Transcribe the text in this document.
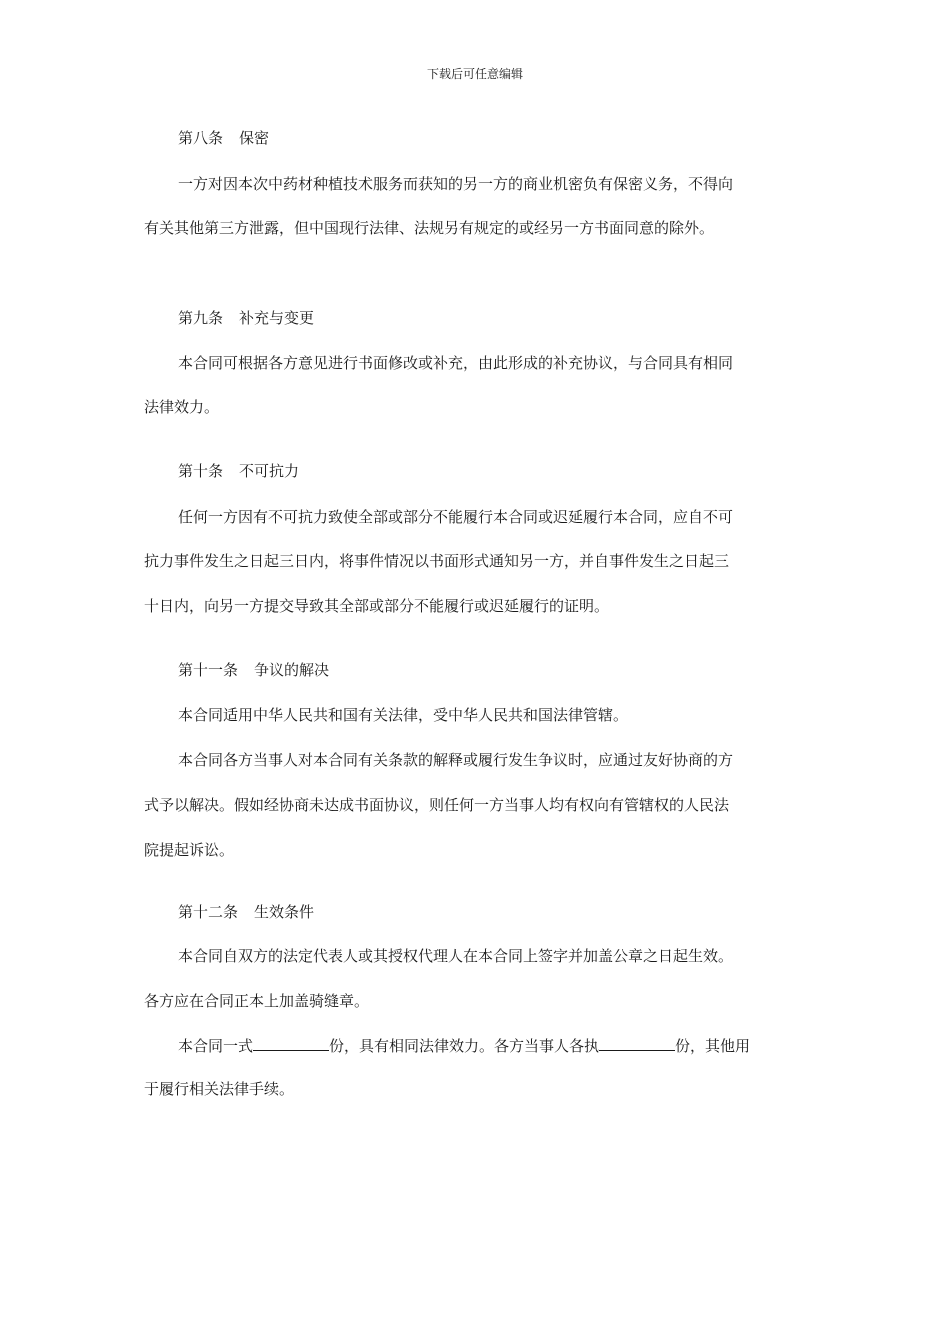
下载后可任意编辑
第八条 保密
一方对因本次中药材种植技术服务而获知的另一方的商业机密负有保密义务，不得向
有关其他第三方泄露，但中国现行法律、法规另有规定的或经另一方书面同意的除外。
第九条 补充与变更
本合同可根据各方意见进行书面修改或补充，由此形成的补充协议，与合同具有相同
法律效力。
第十条 不可抗力
任何一方因有不可抗力致使全部或部分不能履行本合同或迟延履行本合同，应自不可
抗力事件发生之日起三日内，将事件情况以书面形式通知另一方，并自事件发生之日起三
十日内，向另一方提交导致其全部或部分不能履行或迟延履行的证明。
第十一条 争议的解决
本合同适用中华人民共和国有关法律，受中华人民共和国法律管辖。
本合同各方当事人对本合同有关条款的解释或履行发生争议时，应通过友好协商的方
式予以解决。假如经协商未达成书面协议，则任何一方当事人均有权向有管辖权的人民法
院提起诉讼。
第十二条 生效条件
本合同自双方的法定代表人或其授权代理人在本合同上签字并加盖公章之日起生效。
各方应在合同正本上加盖骑缝章。
本合同一式	份，具有相同法律效力。各方当事人各执	份，其他用
于履行相关法律手续。
